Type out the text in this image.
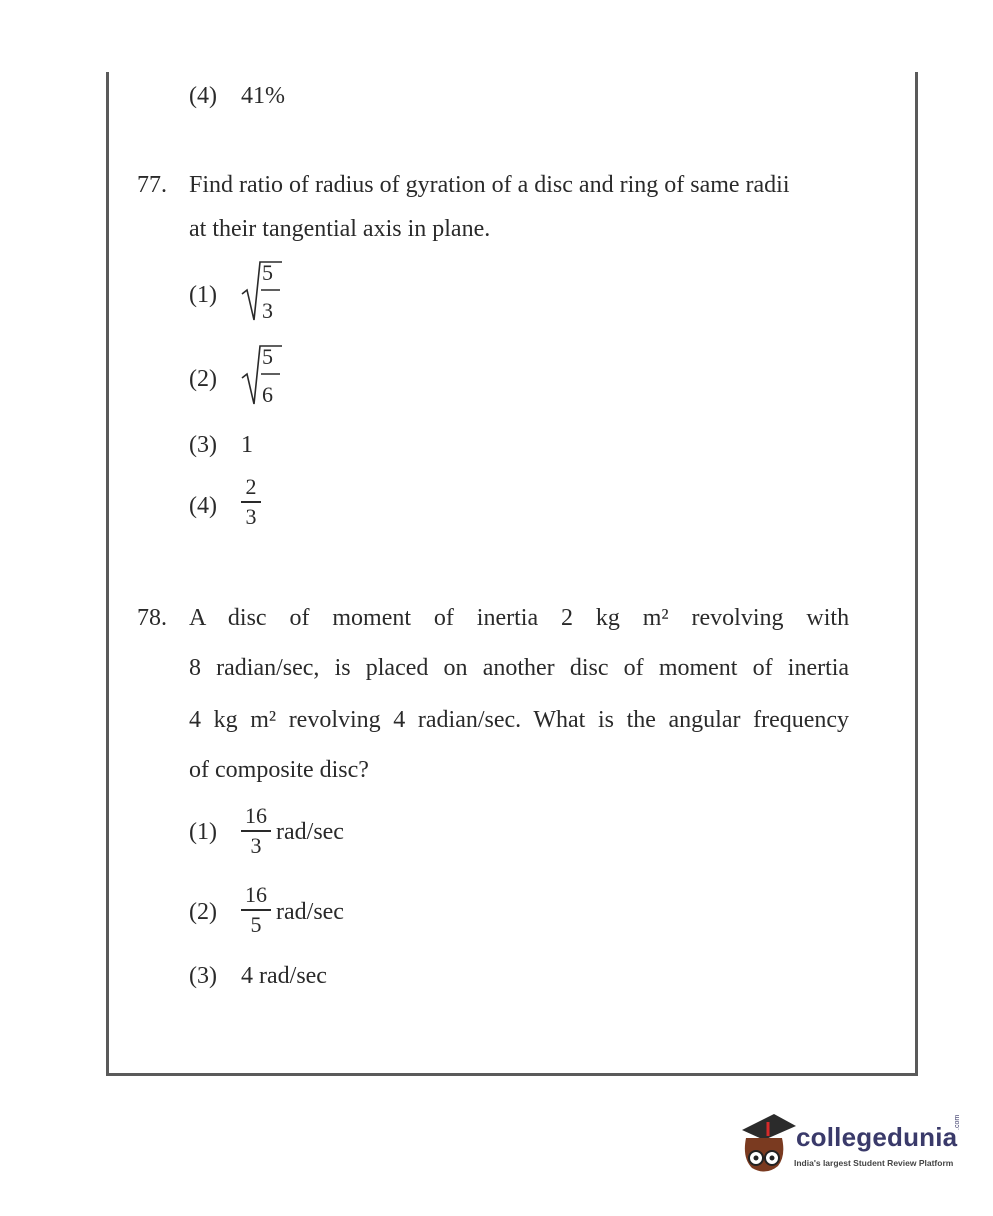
(4) 41%
77. Find ratio of radius of gyration of a disc and ring of same radii
at their tangential axis in plane.
(1)
5
3
(2)
5
6
(3) 1
(4)
2
3
78. A disc of moment of inertia 2 kg m² revolving with
8 radian/sec, is placed on another disc of moment of inertia
4 kg m² revolving 4 radian/sec. What is the angular frequency
of composite disc?
(1)
16
3 rad/sec
(2)
16
5 rad/sec
(3) 4 rad/sec
collegedunia
.com
India's largest Student Review Platform
